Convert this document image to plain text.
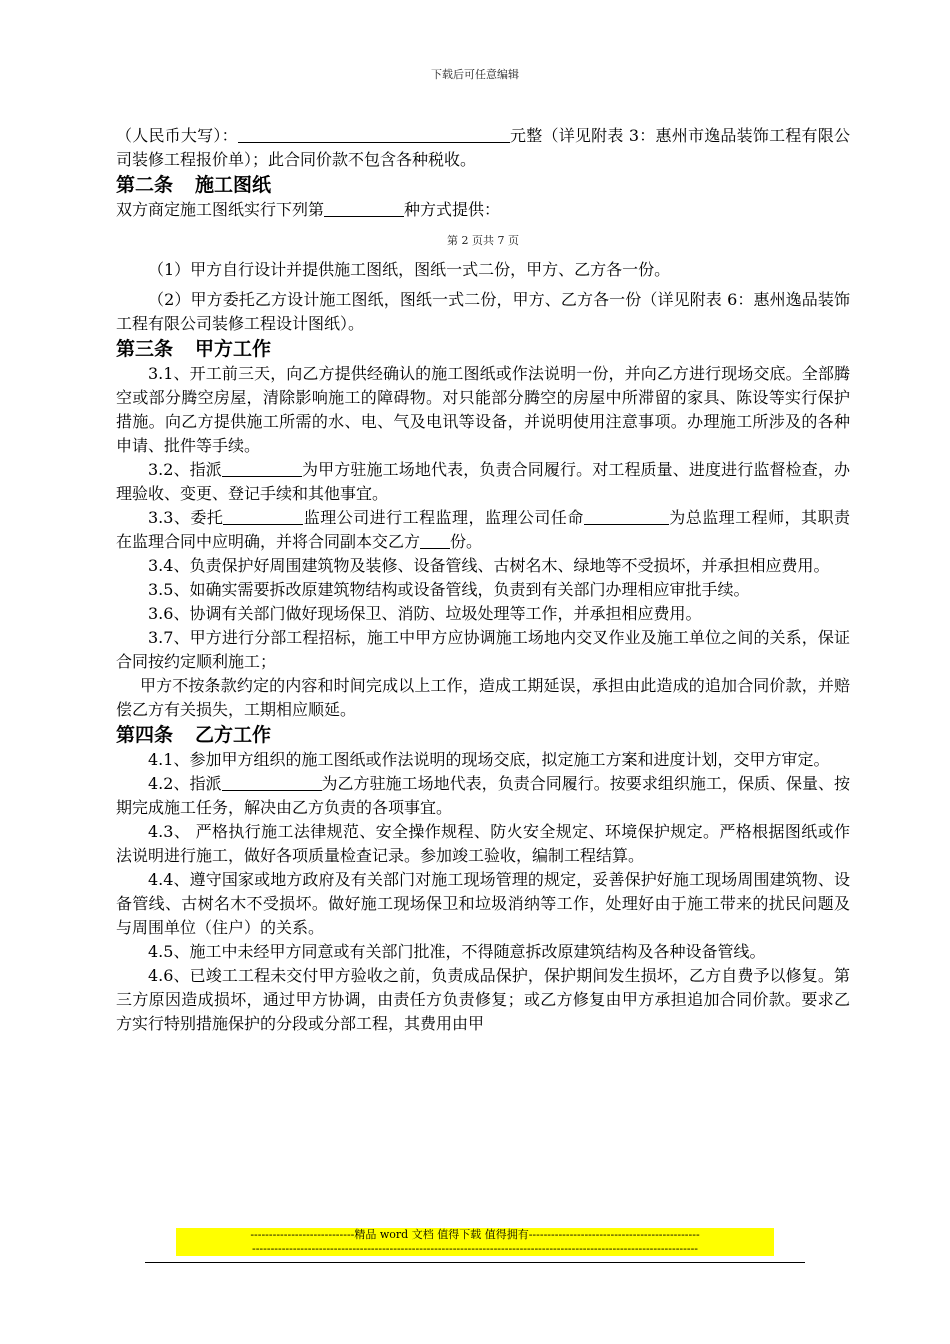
下载后可任意编辑

（人民币大写）：	元整（详见附表 3：惠州市逸品装饰工程有限公司装修工程报价单）；此合同价款不包含各种税收。

第二条 施工图纸

双方商定施工图纸实行下列第	种方式提供：

第 2 页共 7 页

（1）甲方自行设计并提供施工图纸，图纸一式二份，甲方、乙方各一份。

（2）甲方委托乙方设计施工图纸，图纸一式二份，甲方、乙方各一份（详见附表 6：惠州逸品装饰工程有限公司装修工程设计图纸）。

第三条 甲方工作

3.1、开工前三天，向乙方提供经确认的施工图纸或作法说明一份，并向乙方进行现场交底。全部腾空或部分腾空房屋，清除影响施工的障碍物。对只能部分腾空的房屋中所滞留的家具、陈设等实行保护措施。向乙方提供施工所需的水、电、气及电讯等设备，并说明使用注意事项。办理施工所涉及的各种申请、批件等手续。

3.2、指派	为甲方驻施工场地代表，负责合同履行。对工程质量、进度进行监督检查，办理验收、变更、登记手续和其他事宜。

3.3、委托	监理公司进行工程监理，监理公司任命	为总监理工程师，其职责在监理合同中应明确，并将合同副本交乙方 份。

3.4、负责保护好周围建筑物及装修、设备管线、古树名木、绿地等不受损坏，并承担相应费用。

3.5、如确实需要拆改原建筑物结构或设备管线，负责到有关部门办理相应审批手续。

3.6、协调有关部门做好现场保卫、消防、垃圾处理等工作，并承担相应费用。

3.7、甲方进行分部工程招标，施工中甲方应协调施工场地内交叉作业及施工单位之间的关系，保证合同按约定顺利施工；

甲方不按条款约定的内容和时间完成以上工作，造成工期延误，承担由此造成的追加合同价款，并赔偿乙方有关损失，工期相应顺延。

第四条 乙方工作

4.1、参加甲方组织的施工图纸或作法说明的现场交底，拟定施工方案和进度计划，交甲方审定。

4.2、指派	为乙方驻施工场地代表，负责合同履行。按要求组织施工，保质、保量、按期完成施工任务，解决由乙方负责的各项事宜。

4.3、 严格执行施工法律规范、安全操作规程、防火安全规定、环境保护规定。严格根据图纸或作法说明进行施工，做好各项质量检查记录。参加竣工验收，编制工程结算。

4.4、遵守国家或地方政府及有关部门对施工现场管理的规定，妥善保护好施工现场周围建筑物、设备管线、古树名木不受损坏。做好施工现场保卫和垃圾消纳等工作，处理好由于施工带来的扰民问题及与周围单位（住户）的关系。

4.5、施工中未经甲方同意或有关部门批准，不得随意拆改原建筑结构及各种设备管线。

4.6、已竣工工程未交付甲方验收之前，负责成品保护，保护期间发生损坏，乙方自费予以修复。第三方原因造成损坏，通过甲方协调，由责任方负责修复；或乙方修复由甲方承担追加合同价款。要求乙方实行特别措施保护的分段或分部工程，其费用由甲

----------------------------精品 word 文档 值得下载 值得拥有----------------------------------------------
------------------------------------------------------------------------------------------------------------------------
